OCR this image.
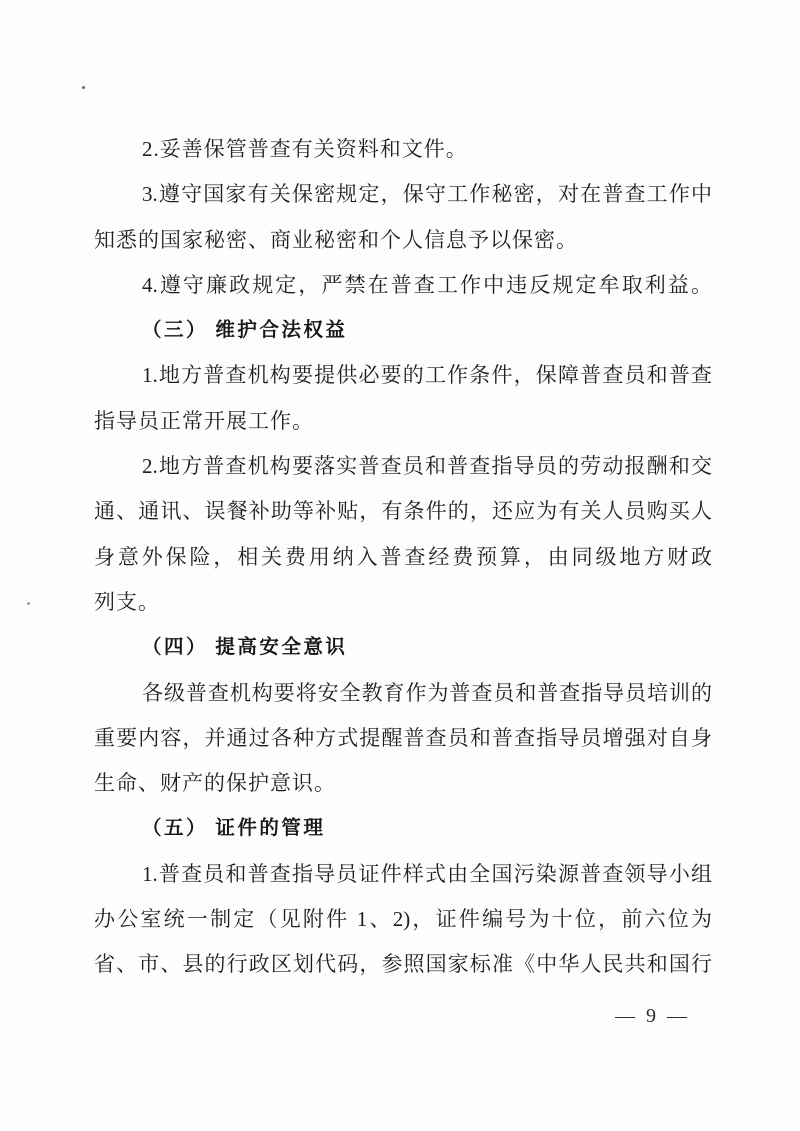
2.妥善保管普查有关资料和文件。
3.遵守国家有关保密规定，保守工作秘密，对在普查工作中
知悉的国家秘密、商业秘密和个人信息予以保密。
4.遵守廉政规定，严禁在普查工作中违反规定牟取利益。
（三） 维护合法权益
1.地方普查机构要提供必要的工作条件，保障普查员和普查
指导员正常开展工作。
2.地方普查机构要落实普查员和普查指导员的劳动报酬和交
通、通讯、误餐补助等补贴，有条件的，还应为有关人员购买人
身意外保险，相关费用纳入普查经费预算，由同级地方财政
列支。
（四） 提高安全意识
各级普查机构要将安全教育作为普查员和普查指导员培训的
重要内容，并通过各种方式提醒普查员和普查指导员增强对自身
生命、财产的保护意识。
（五） 证件的管理
1.普查员和普查指导员证件样式由全国污染源普查领导小组
办公室统一制定（见附件 1、2)，证件编号为十位，前六位为
省、市、县的行政区划代码，参照国家标准《中华人民共和国行
— 9 —
